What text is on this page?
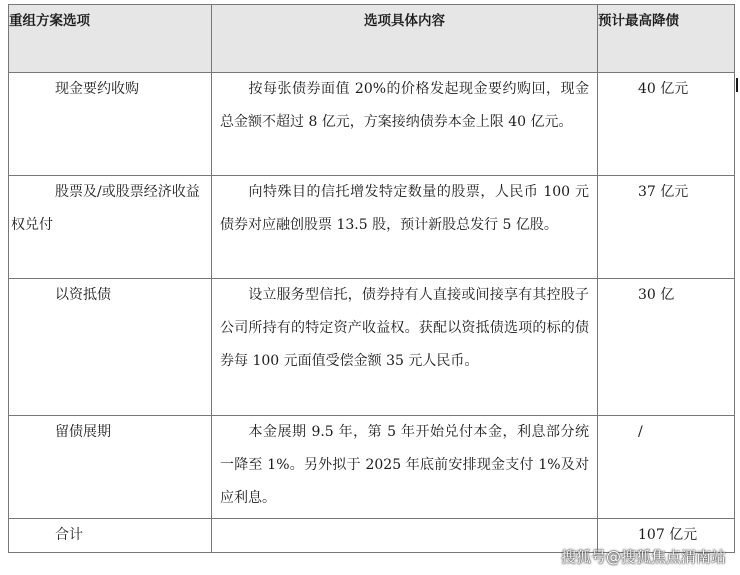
重组方案选项	选项具体内容	预计最高降债
现金要约收购	按每张债券面值 20%的价格发起现金要约购回，现金总金额不超过 8 亿元，方案接纳债券本金上限 40 亿元。	40 亿元
股票及/或股票经济收益权兑付	向特殊目的信托增发特定数量的股票，人民币 100 元债券对应融创股票 13.5 股，预计新股总发行 5 亿股。	37 亿元
以资抵债	设立服务型信托，债券持有人直接或间接享有其控股子公司所持有的特定资产收益权。获配以资抵债选项的标的债券每 100 元面值受偿金额 35 元人民币。	30 亿
留债展期	本金展期 9.5 年，第 5 年开始兑付本金，利息部分统一降至 1%。另外拟于 2025 年底前安排现金支付 1%及对应利息。	/
合计		107 亿元
搜狐号@搜狐焦点渭南站
